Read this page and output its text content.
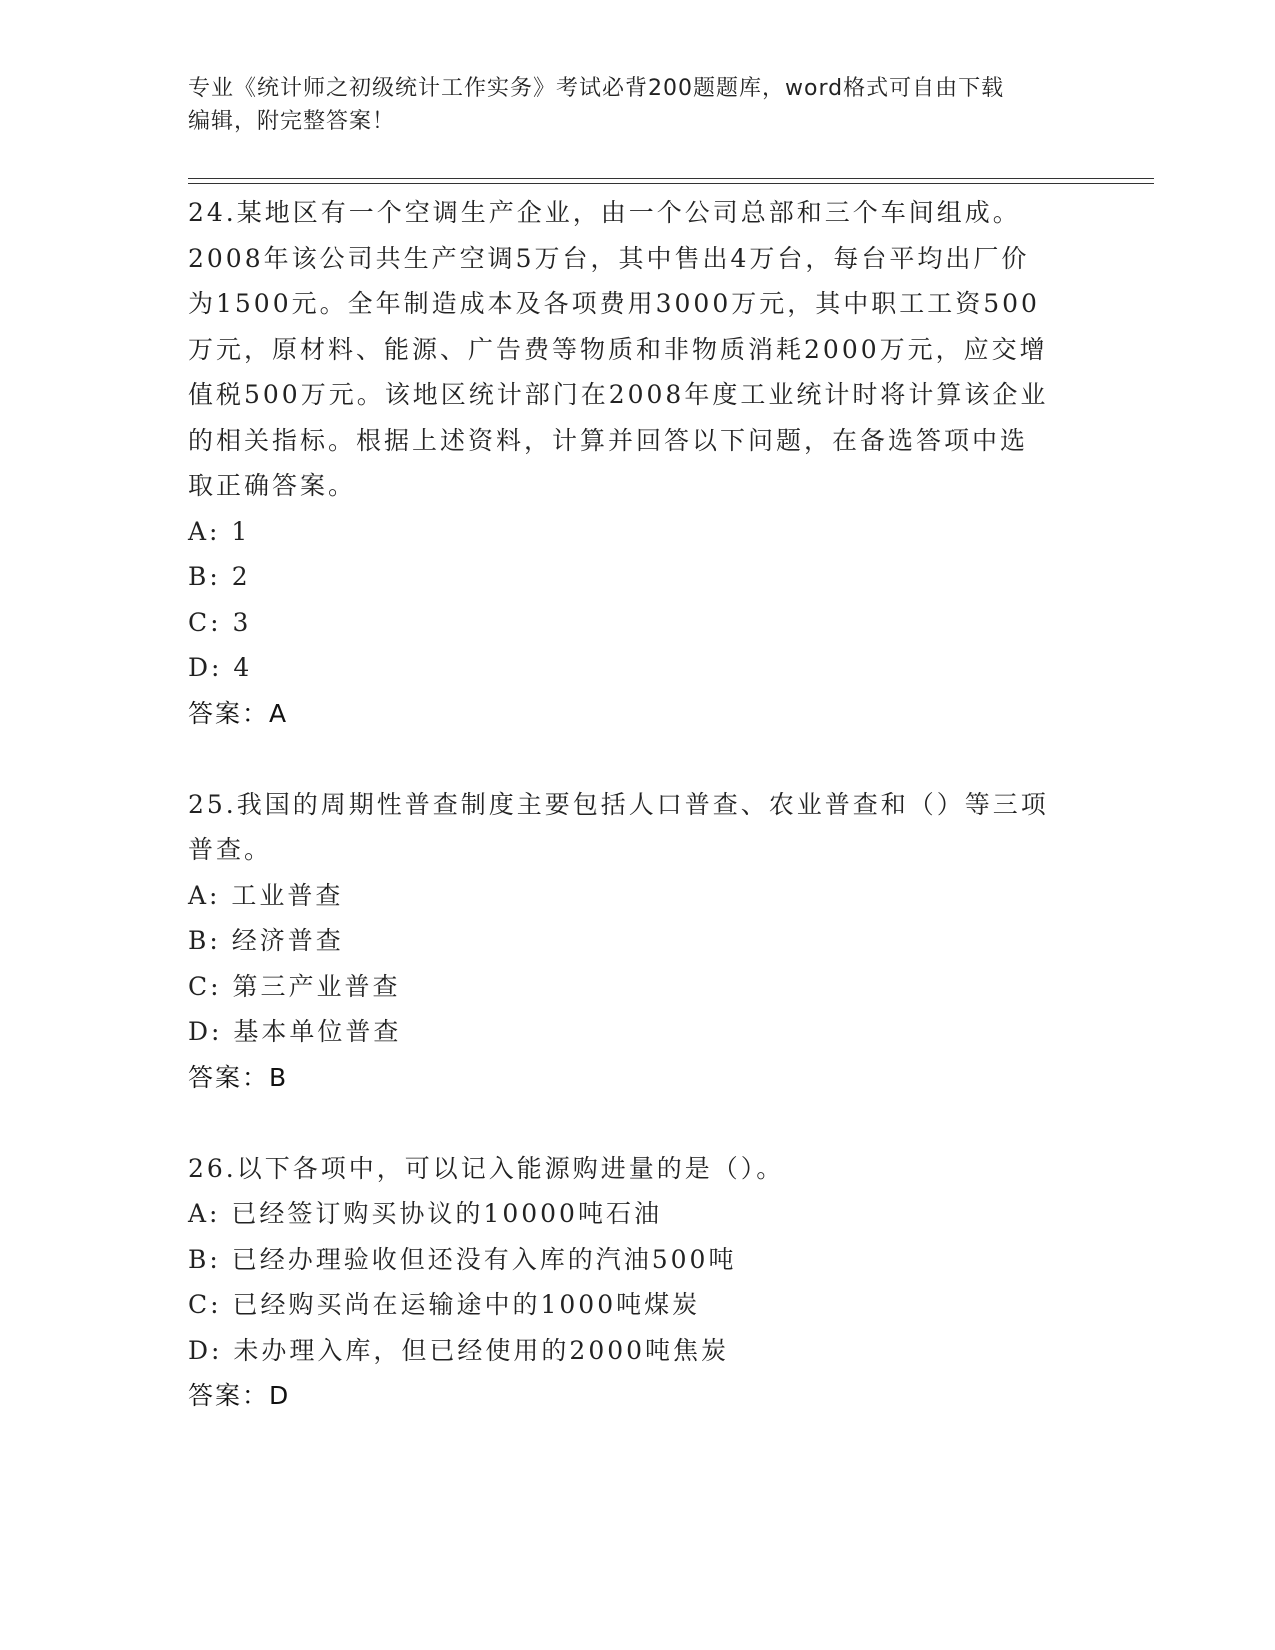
专业《统计师之初级统计工作实务》考试必背200题题库，word格式可自由下载
编辑，附完整答案！
24.某地区有一个空调生产企业，由一个公司总部和三个车间组成。
2008年该公司共生产空调5万台，其中售出4万台，每台平均出厂价
为1500元。全年制造成本及各项费用3000万元，其中职工工资500
万元，原材料、能源、广告费等物质和非物质消耗2000万元，应交增
值税500万元。该地区统计部门在2008年度工业统计时将计算该企业
的相关指标。根据上述资料，计算并回答以下问题，在备选答项中选
取正确答案。
A: 1
B: 2
C: 3
D: 4
答案：A
25.我国的周期性普查制度主要包括人口普查、农业普查和（）等三项
普查。
A: 工业普查
B: 经济普查
C: 第三产业普查
D: 基本单位普查
答案：B
26.以下各项中，可以记入能源购进量的是（）。
A: 已经签订购买协议的10000吨石油
B: 已经办理验收但还没有入库的汽油500吨
C: 已经购买尚在运输途中的1000吨煤炭
D: 未办理入库，但已经使用的2000吨焦炭
答案：D
